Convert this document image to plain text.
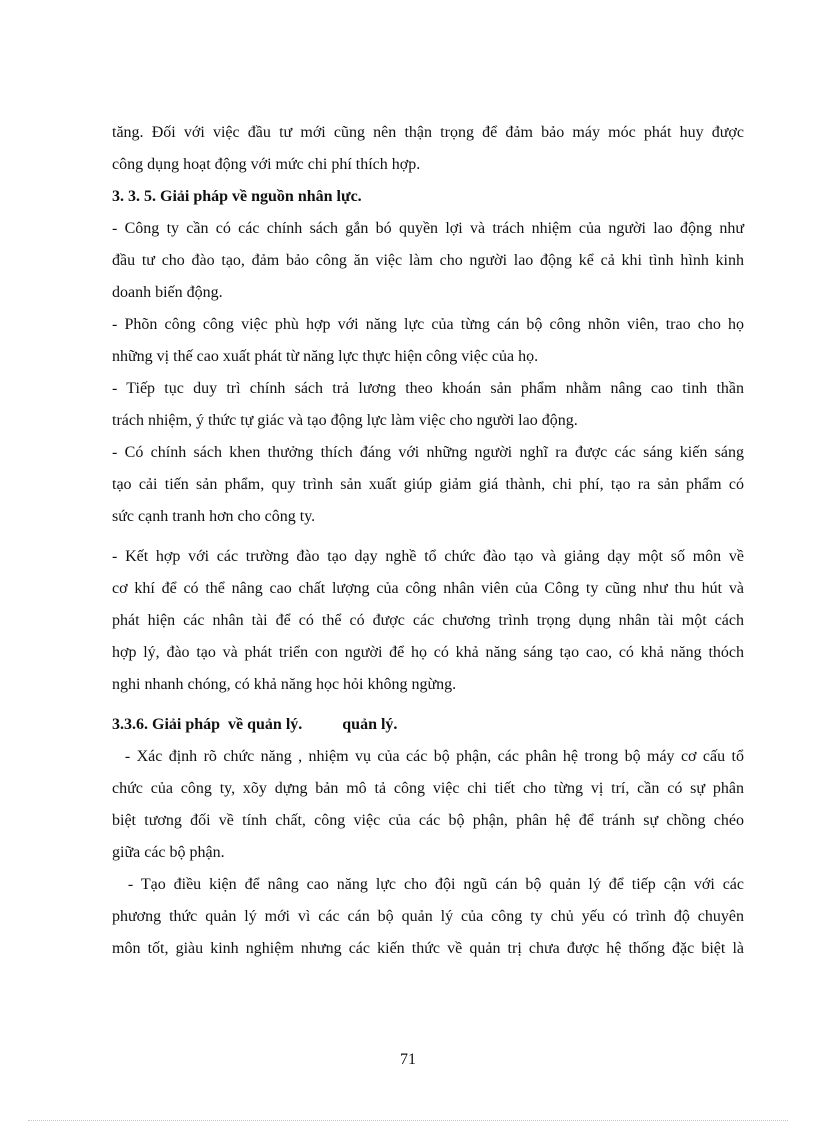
tăng. Đối với việc đầu tư mới cũng nên thận trọng để đảm bảo máy móc phát huy được
công dụng hoạt động với mức chi phí thích hợp.
3. 3. 5. Giải pháp về nguồn nhân lực.
- Công ty cần có các chính sách gắn bó quyền lợi và trách nhiệm của người lao động như
đầu tư cho đào tạo, đảm bảo công ăn việc làm cho người lao động kể cả khi tình hình kinh
doanh biến động.
- Phõn công công việc phù hợp với năng lực của từng cán bộ công nhõn viên, trao cho họ
những vị thế cao xuất phát từ năng lực thực hiện công việc của họ.
- Tiếp tục duy trì chính sách trả lương theo khoán sản phẩm nhằm nâng cao tinh thần
trách nhiệm, ý thức tự giác và tạo động lực làm việc cho người lao động.
- Có chính sách khen thưởng thích đáng với những người nghĩ ra được các sáng kiến sáng
tạo cải tiến sản phẩm, quy trình sản xuất giúp giảm giá thành, chi phí, tạo ra sản phẩm có
sức cạnh tranh hơn cho công ty.
- Kết hợp với các trường đào tạo dạy nghề tổ chức đào tạo và giảng dạy một số môn về
cơ khí để có thể nâng cao chất lượng của công nhân viên của Công ty cũng như thu hút và
phát hiện các nhân tài để có thể có được các chương trình trọng dụng nhân tài một cách
hợp lý, đào tạo và phát triển con người để họ có khả năng sáng tạo cao, có khả năng thóch
nghi nhanh chóng, có khả năng học hỏi không ngừng.
3.3.6. Giải pháp  về quản lý.          quản lý.
- Xác định rõ chức năng , nhiệm vụ của các bộ phận, các phân hệ trong bộ máy cơ cấu tổ
chức của công ty, xõy dựng bản mô tả công việc chi tiết cho từng vị trí, cần có sự phân
biệt tương đối về tính chất, công việc của các bộ phận, phân hệ để tránh sự chồng chéo
giữa các bộ phận.
- Tạo điều kiện để nâng cao năng lực cho đội ngũ cán bộ quản lý để tiếp cận với các
phương thức quản lý mới vì các cán bộ quản lý của công ty chủ yếu có trình độ chuyên
môn tốt, giàu kinh nghiệm nhưng các kiến thức về quản trị chưa được hệ thống đặc biệt là
71
